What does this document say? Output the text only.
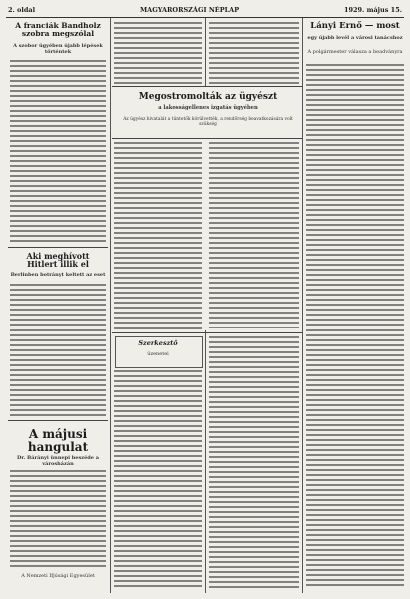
2. oldal	MAGYARORSZÁGI NÉPLAP	1929. május 15.
A franciák Bandholz szobra megszólal
A szobor ügyében újabb lépések történtek
Aki meghívott Hitlert illik el
Berlinben botrányt keltett az eset
A májusi hangulat
Dr. Bárányi ünnepi beszéde a városházán
A Nemzeti Ifjúsági Egyesület
Megostromolták az ügyészt
a lakosságellenes izgatás ügyében
Az ügyész hivatalát a tüntetők körülvették, a rendőrség beavatkozására volt szükség
Szerkesztő
üzenetei
Lányi Ernő — most
egy újabb levél a városi tanácshoz
A polgármester válasza a beadványra
